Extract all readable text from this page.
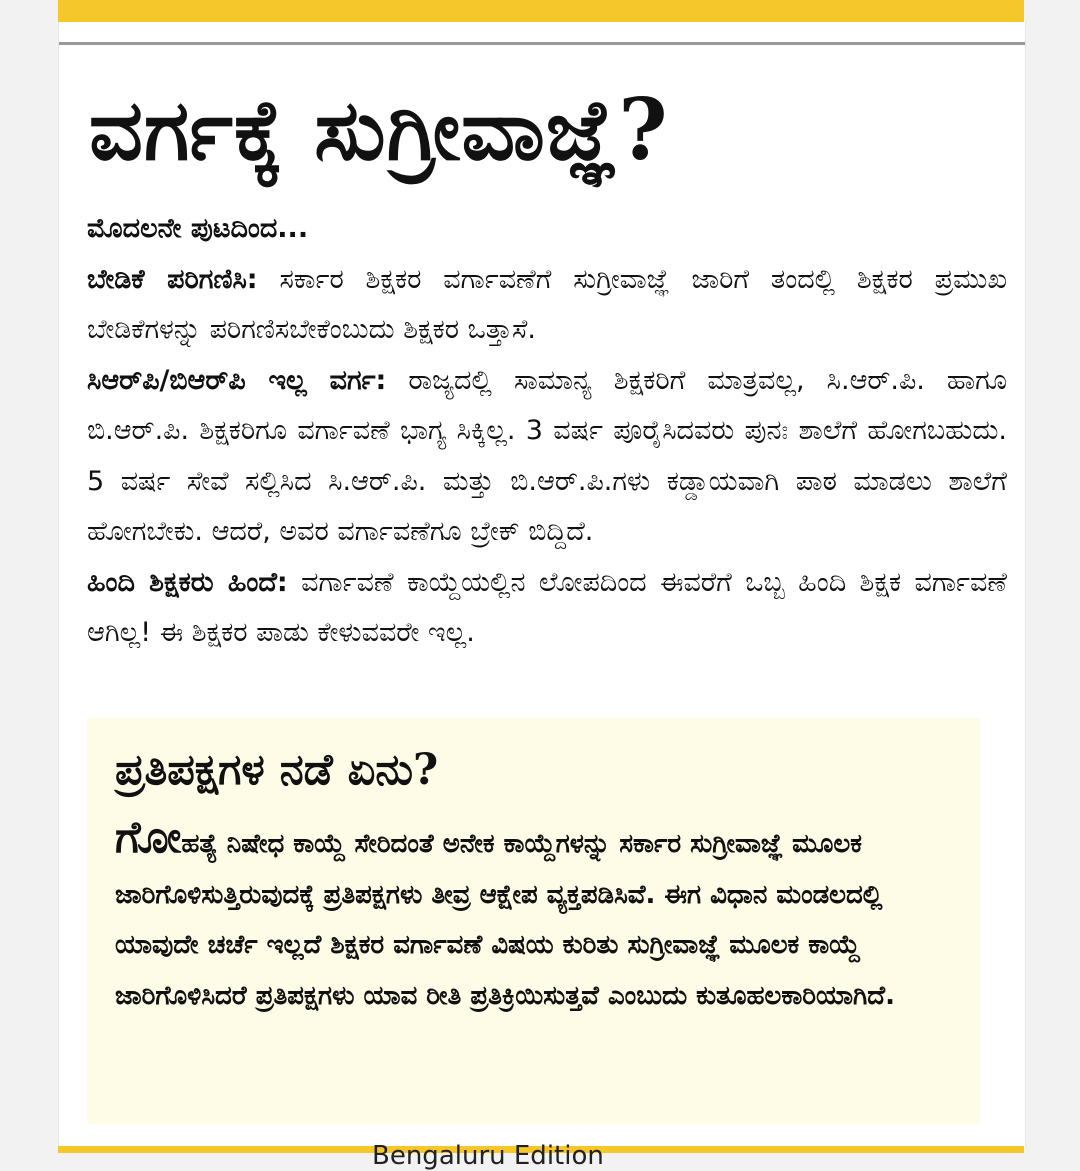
ವರ್ಗಕ್ಕೆ ಸುಗ್ರೀವಾಜ್ಞೆ?

ಮೊದಲನೇ ಪುಟದಿಂದ...

ಬೇಡಿಕೆ ಪರಿಗಣಿಸಿ: ಸರ್ಕಾರ ಶಿಕ್ಷಕರ ವರ್ಗಾವಣೆಗೆ ಸುಗ್ರೀವಾಜ್ಞೆ ಜಾರಿಗೆ ತಂದಲ್ಲಿ ಶಿಕ್ಷಕರ ಪ್ರಮುಖ ಬೇಡಿಕೆಗಳನ್ನು ಪರಿಗಣಿಸಬೇಕೆಂಬುದು ಶಿಕ್ಷಕರ ಒತ್ತಾಸೆ.

ಸಿಆರ್‌ಪಿ/ಬಿಆರ್‌ಪಿ ಇಲ್ಲ ವರ್ಗ: ರಾಜ್ಯದಲ್ಲಿ ಸಾಮಾನ್ಯ ಶಿಕ್ಷಕರಿಗೆ ಮಾತ್ರವಲ್ಲ, ಸಿ.ಆರ್‌.ಪಿ. ಹಾಗೂ ಬಿ.ಆರ್‌.ಪಿ. ಶಿಕ್ಷಕರಿಗೂ ವರ್ಗಾವಣೆ ಭಾಗ್ಯ ಸಿಕ್ಕಿಲ್ಲ. 3 ವರ್ಷ ಪೂರೈಸಿದವರು ಪುನಃ ಶಾಲೆಗೆ ಹೋಗಬಹುದು. 5 ವರ್ಷ ಸೇವೆ ಸಲ್ಲಿಸಿದ ಸಿ.ಆರ್‌.ಪಿ. ಮತ್ತು ಬಿ.ಆರ್‌.ಪಿ.ಗಳು ಕಡ್ಡಾಯವಾಗಿ ಪಾಠ ಮಾಡಲು ಶಾಲೆಗೆ ಹೋಗಬೇಕು. ಆದರೆ, ಅವರ ವರ್ಗಾವಣೆಗೂ ಬ್ರೇಕ್‌ ಬಿದ್ದಿದೆ.

ಹಿಂದಿ ಶಿಕ್ಷಕರು ಹಿಂದೆ: ವರ್ಗಾವಣೆ ಕಾಯ್ದೆಯಲ್ಲಿನ ಲೋಪದಿಂದ ಈವರೆಗೆ ಒಬ್ಬ ಹಿಂದಿ ಶಿಕ್ಷಕ ವರ್ಗಾವಣೆ ಆಗಿಲ್ಲ! ಈ ಶಿಕ್ಷಕರ ಪಾಡು ಕೇಳುವವರೇ ಇಲ್ಲ.

ಪ್ರತಿಪಕ್ಷಗಳ ನಡೆ ಏನು?
ಗೋಹತ್ಯೆ ನಿಷೇಧ ಕಾಯ್ದೆ ಸೇರಿದಂತೆ ಅನೇಕ ಕಾಯ್ದೆಗಳನ್ನು ಸರ್ಕಾರ ಸುಗ್ರೀವಾಜ್ಞೆ ಮೂಲಕ ಜಾರಿಗೊಳಿಸುತ್ತಿರುವುದಕ್ಕೆ ಪ್ರತಿಪಕ್ಷಗಳು ತೀವ್ರ ಆಕ್ಷೇಪ ವ್ಯಕ್ತಪಡಿಸಿವೆ. ಈಗ ವಿಧಾನ ಮಂಡಲದಲ್ಲಿ ಯಾವುದೇ ಚರ್ಚೆ ಇಲ್ಲದೆ ಶಿಕ್ಷಕರ ವರ್ಗಾವಣೆ ವಿಷಯ ಕುರಿತು ಸುಗ್ರೀವಾಜ್ಞೆ ಮೂಲಕ ಕಾಯ್ದೆ ಜಾರಿಗೊಳಿಸಿದರೆ ಪ್ರತಿಪಕ್ಷಗಳು ಯಾವ ರೀತಿ ಪ್ರತಿಕ್ರಿಯಿಸುತ್ತವೆ ಎಂಬುದು ಕುತೂಹಲಕಾರಿಯಾಗಿದೆ.
Bengaluru Edition
